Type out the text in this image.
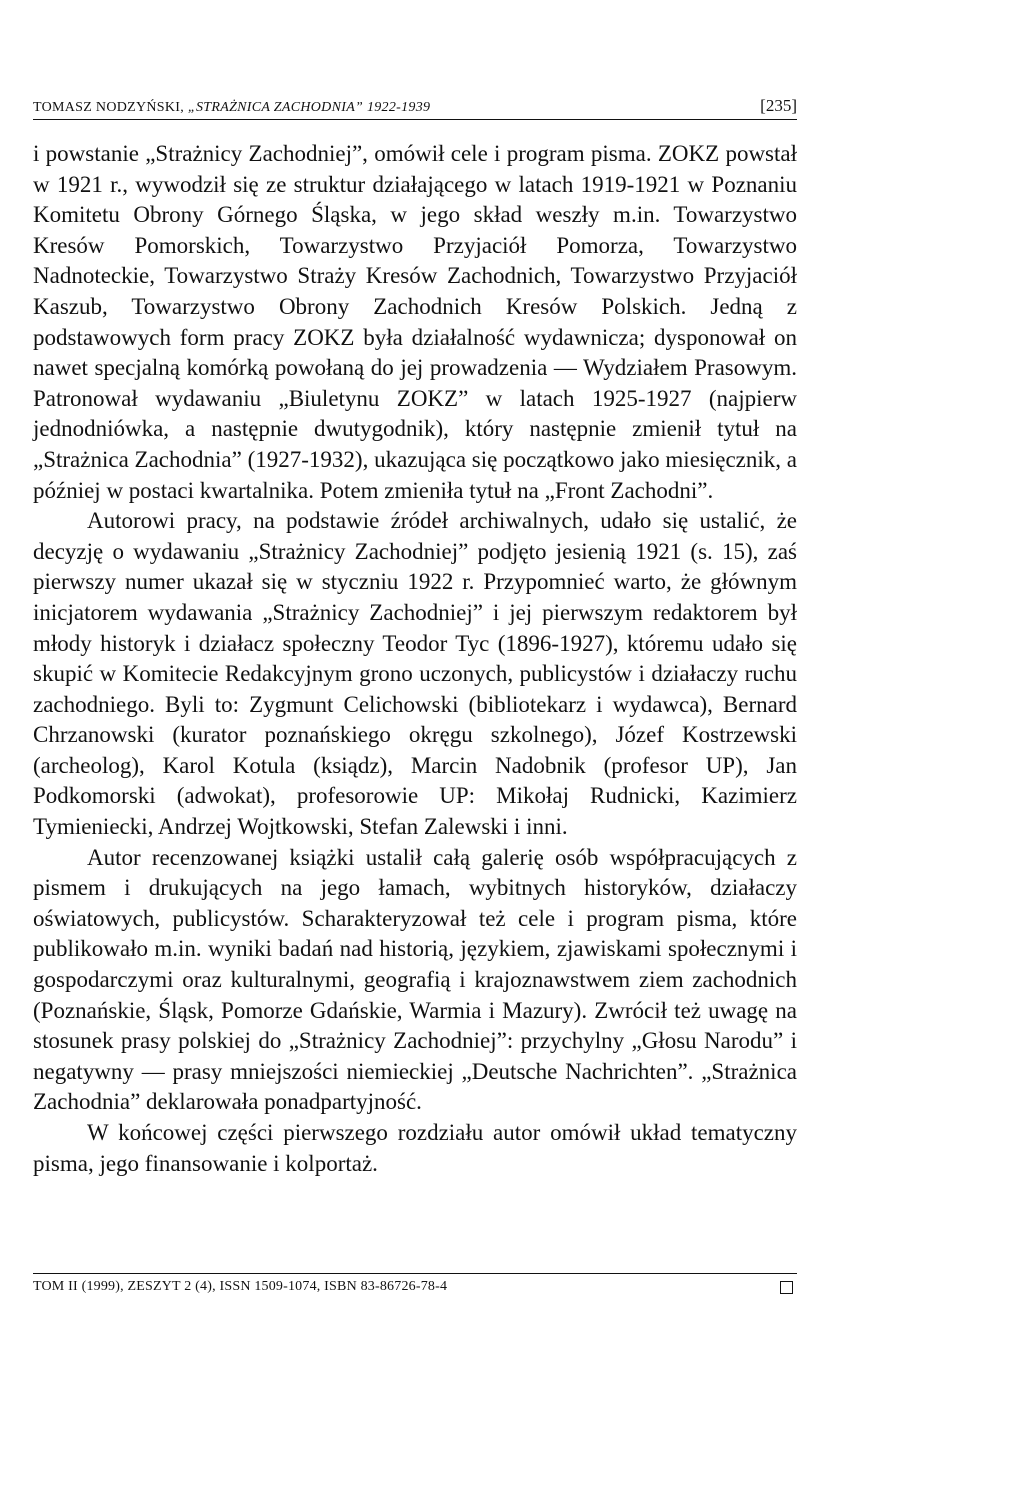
TOMASZ NODZYŃSKI, „STRAŻNICA ZACHODNIA” 1922-1939	[235]

i powstanie „Strażnicy Zachodniej”, omówił cele i program pisma. ZOKZ powstał w 1921 r., wywodził się ze struktur działającego w latach 1919-1921 w Poznaniu Komitetu Obrony Górnego Śląska, w jego skład weszły m.in. Towarzystwo Kresów Pomorskich, Towarzystwo Przyjaciół Pomorza, Towarzystwo Nadnoteckie, Towarzystwo Straży Kresów Zachodnich, Towarzystwo Przyjaciół Kaszub, Towarzystwo Obrony Zachodnich Kresów Polskich. Jedną z podstawowych form pracy ZOKZ była działalność wydawnicza; dysponował on nawet specjalną komórką powołaną do jej prowadzenia — Wydziałem Prasowym. Patronował wydawaniu „Biuletynu ZOKZ” w latach 1925-1927 (najpierw jednodniówka, a następnie dwutygodnik), który następnie zmienił tytuł na „Strażnica Zachodnia” (1927-1932), ukazująca się początkowo jako miesięcznik, a później w postaci kwartalnika. Potem zmieniła tytuł na „Front Zachodni”.

Autorowi pracy, na podstawie źródeł archiwalnych, udało się ustalić, że decyzję o wydawaniu „Strażnicy Zachodniej” podjęto jesienią 1921 (s. 15), zaś pierwszy numer ukazał się w styczniu 1922 r. Przypomnieć warto, że głównym inicjatorem wydawania „Strażnicy Zachodniej” i jej pierwszym redaktorem był młody historyk i działacz społeczny Teodor Tyc (1896-1927), któremu udało się skupić w Komitecie Redakcyjnym grono uczonych, publicystów i działaczy ruchu zachodniego. Byli to: Zygmunt Celichowski (bibliotekarz i wydawca), Bernard Chrzanowski (kurator poznańskiego okręgu szkolnego), Józef Kostrzewski (archeolog), Karol Kotula (ksiądz), Marcin Nadobnik (profesor UP), Jan Podkomorski (adwokat), profesorowie UP: Mikołaj Rudnicki, Kazimierz Tymieniecki, Andrzej Wojtkowski, Stefan Zalewski i inni.

Autor recenzowanej książki ustalił całą galerię osób współpracujących z pismem i drukujących na jego łamach, wybitnych historyków, działaczy oświatowych, publicystów. Scharakteryzował też cele i program pisma, które publikowało m.in. wyniki badań nad historią, językiem, zjawiskami społecznymi i gospodarczymi oraz kulturalnymi, geografią i krajoznawstwem ziem zachodnich (Poznańskie, Śląsk, Pomorze Gdańskie, Warmia i Mazury). Zwrócił też uwagę na stosunek prasy polskiej do „Strażnicy Zachodniej”: przychylny „Głosu Narodu” i negatywny — prasy mniejszości niemieckiej „Deutsche Nachrichten”. „Strażnica Zachodnia” deklarowała ponadpartyjność.

W końcowej części pierwszego rozdziału autor omówił układ tematyczny pisma, jego finansowanie i kolportaż.

TOM II (1999), ZESZYT 2 (4), ISSN 1509-1074, ISBN 83-86726-78-4
